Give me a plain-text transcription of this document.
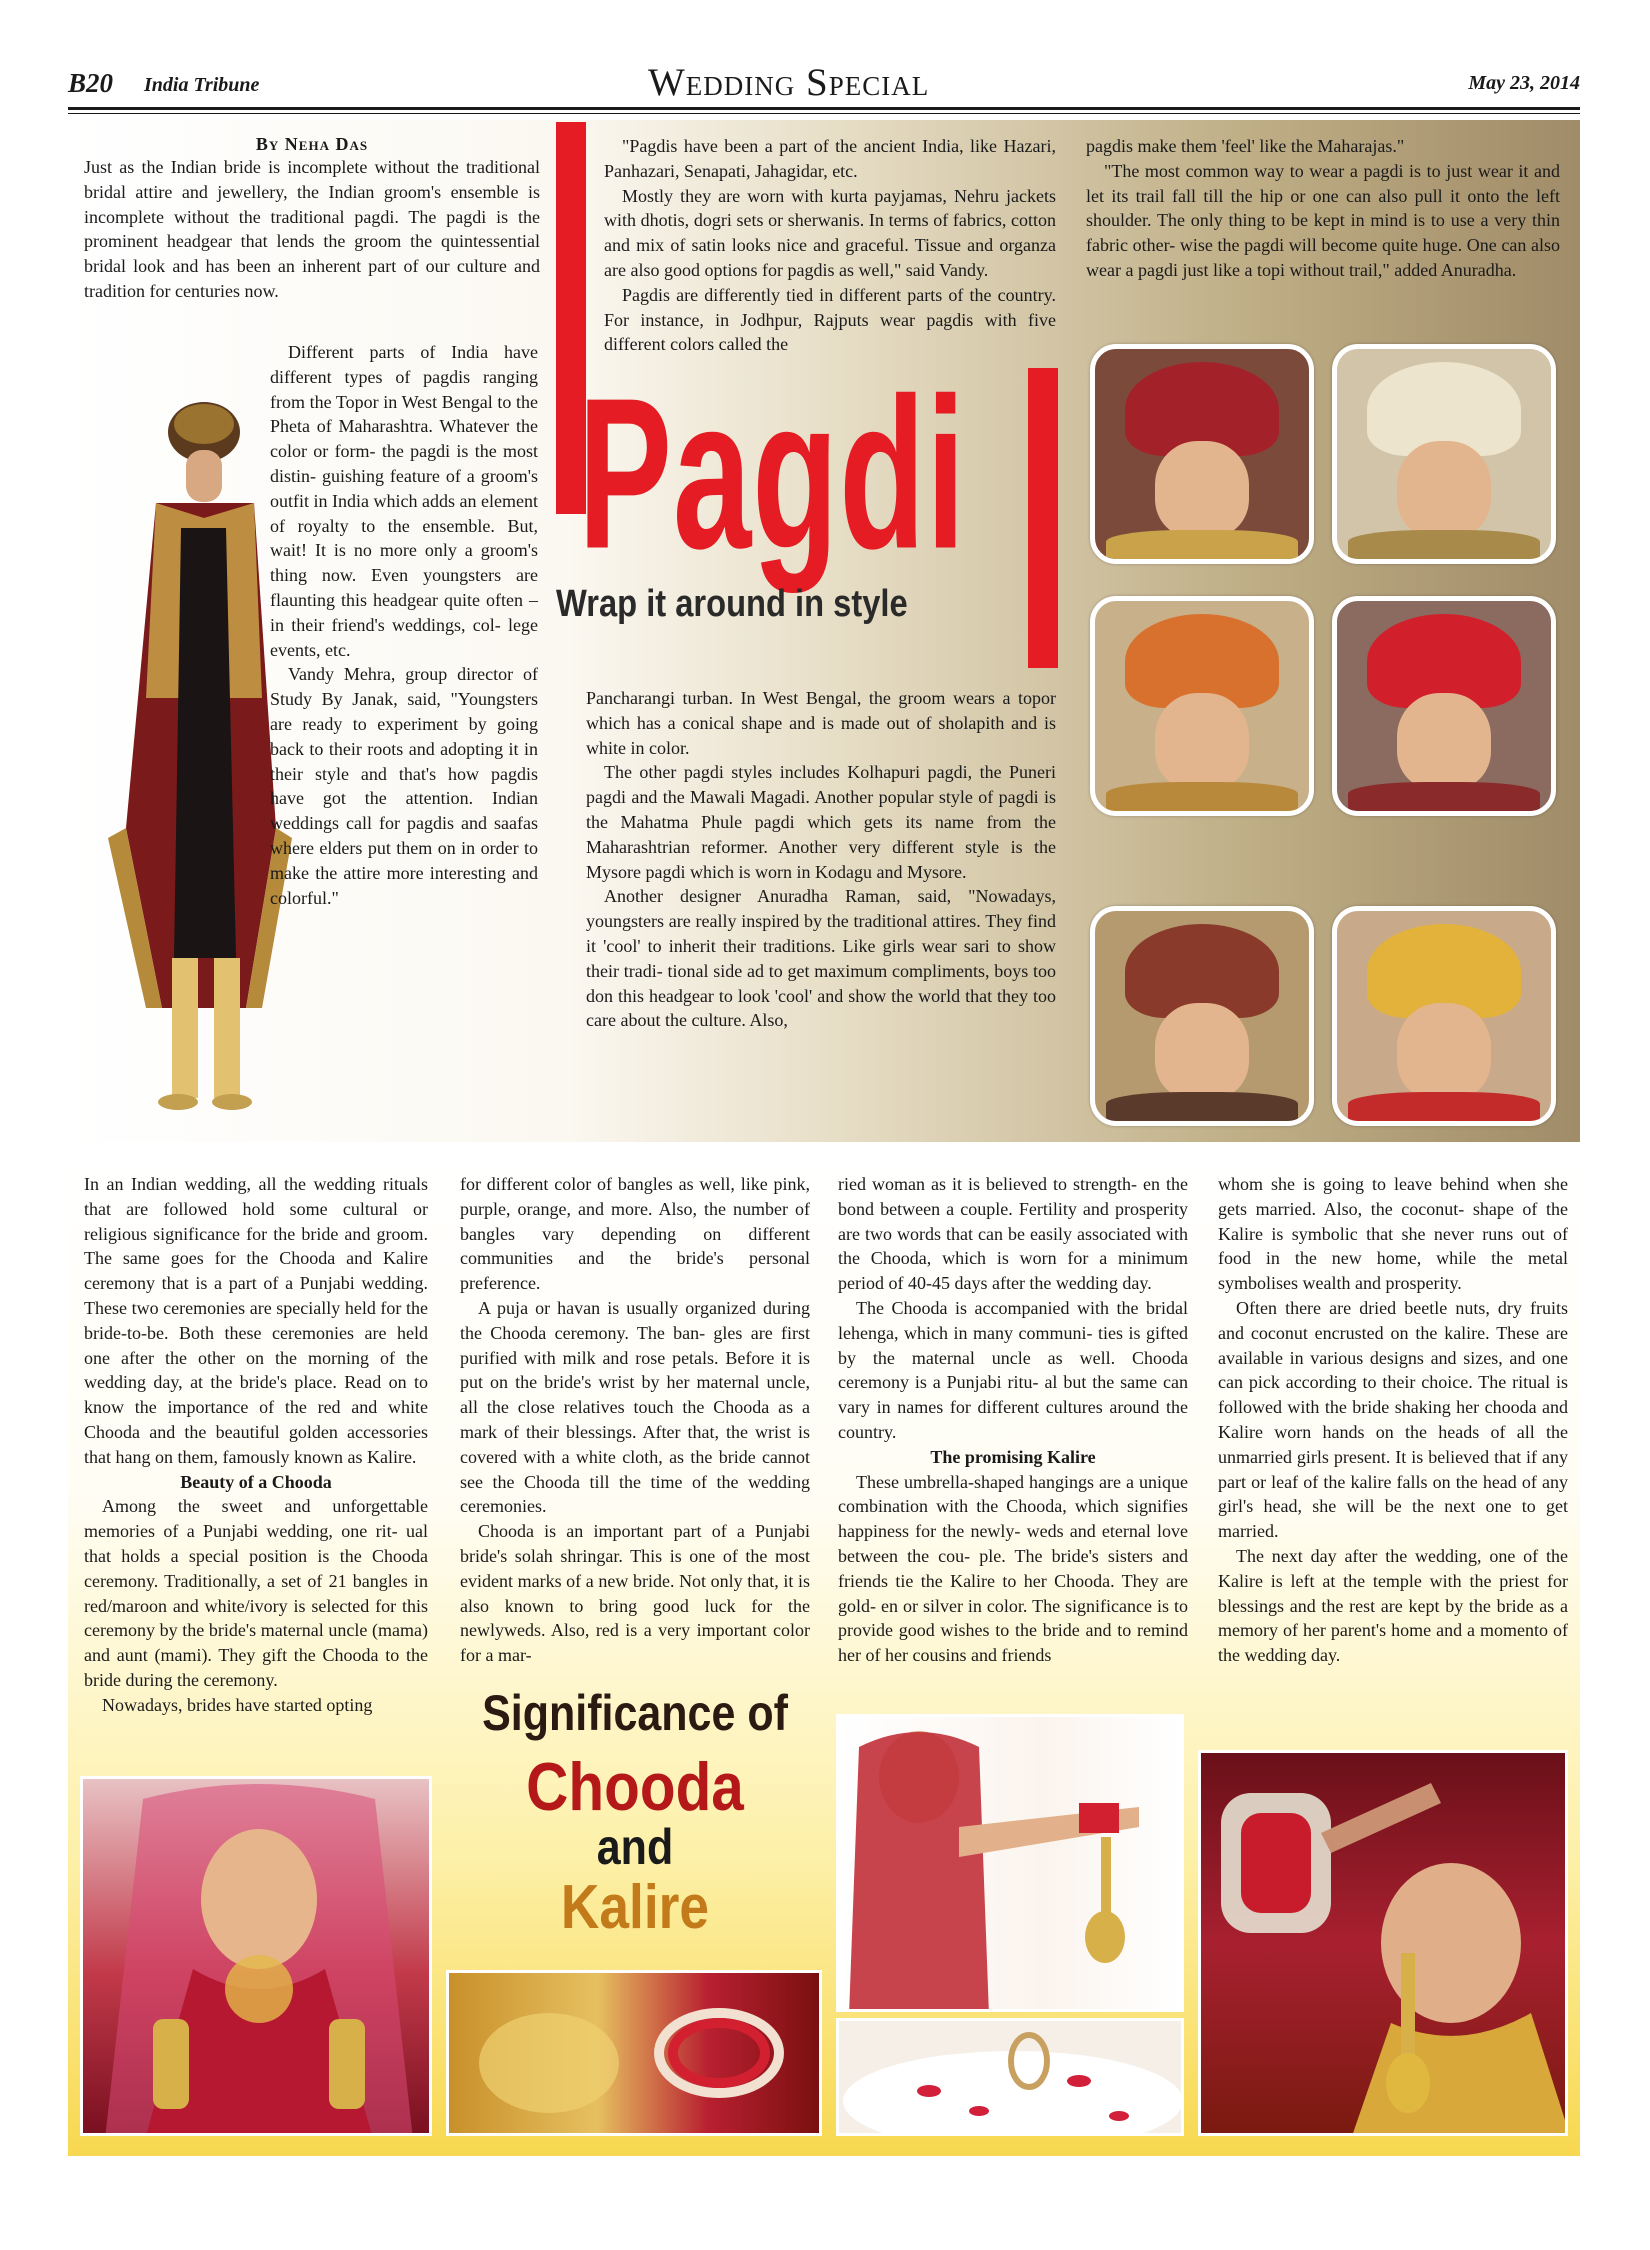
B20 India Tribune	Wedding Special	May 23, 2014
By Neha Das

Just as the Indian bride is incomplete without the traditional bridal attire and jewellery, the Indian groom's ensemble is incomplete without the traditional pagdi. The pagdi is the prominent headgear that lends the groom the quintessential bridal look and has been an inherent part of our culture and tradition for centuries now.

Different parts of India have different types of pagdis ranging from the Topor in West Bengal to the Pheta of Maharashtra. Whatever the color or form- the pagdi is the most distin- guishing feature of a groom's outfit in India which adds an element of royalty to the ensemble. But, wait! It is no more only a groom's thing now. Even youngsters are flaunting this headgear quite often – in their friend's weddings, col- lege events, etc.

Vandy Mehra, group director of Study By Janak, said, "Youngsters are ready to experiment by going back to their roots and adopting it in their style and that's how pagdis have got the attention. Indian weddings call for pagdis and saafas where elders put them on in order to make the attire more interesting and colorful."

Pagdi
Wrap it around in style

"Pagdis have been a part of the ancient India, like Hazari, Panhazari, Senapati, Jahagidar, etc.

Mostly they are worn with kurta payjamas, Nehru jackets with dhotis, dogri sets or sherwanis. In terms of fabrics, cotton and mix of satin looks nice and graceful. Tissue and organza are also good options for pagdis as well," said Vandy.

Pagdis are differently tied in different parts of the country. For instance, in Jodhpur, Rajputs wear pagdis with five different colors called the

Pancharangi turban. In West Bengal, the groom wears a topor which has a conical shape and is made out of sholapith and is white in color.

The other pagdi styles includes Kolhapuri pagdi, the Puneri pagdi and the Mawali Magadi. Another popular style of pagdi is the Mahatma Phule pagdi which gets its name from the Maharashtrian reformer. Another very different style is the Mysore pagdi which is worn in Kodagu and Mysore.

Another designer Anuradha Raman, said, "Nowadays, youngsters are really inspired by the traditional attires. They find it 'cool' to inherit their traditions. Like girls wear sari to show their tradi- tional side ad to get maximum compliments, boys too don this headgear to look 'cool' and show the world that they too care about the culture. Also,

pagdis make them 'feel' like the Maharajas."

"The most common way to wear a pagdi is to just wear it and let its trail fall till the hip or one can also pull it onto the left shoulder. The only thing to be kept in mind is to use a very thin fabric other- wise the pagdi will become quite huge. One can also wear a pagdi just like a topi without trail," added Anuradha.

In an Indian wedding, all the wedding rituals that are followed hold some cultural or religious significance for the bride and groom. The same goes for the Chooda and Kalire ceremony that is a part of a Punjabi wedding. These two ceremonies are specially held for the bride-to-be. Both these ceremonies are held one after the other on the morning of the wedding day, at the bride's place. Read on to know the importance of the red and white Chooda and the beautiful golden accessories that hang on them, famously known as Kalire.

Beauty of a Chooda

Among the sweet and unforgettable memories of a Punjabi wedding, one rit- ual that holds a special position is the Chooda ceremony. Traditionally, a set of 21 bangles in red/maroon and white/ivory is selected for this ceremony by the bride's maternal uncle (mama) and aunt (mami). They gift the Chooda to the bride during the ceremony.

Nowadays, brides have started opting

for different color of bangles as well, like pink, purple, orange, and more. Also, the number of bangles vary depending on different communities and the bride's personal preference.

A puja or havan is usually organized during the Chooda ceremony. The ban- gles are first purified with milk and rose petals. Before it is put on the bride's wrist by her maternal uncle, all the close relatives touch the Chooda as a mark of their blessings. After that, the wrist is covered with a white cloth, as the bride cannot see the Chooda till the time of the wedding ceremonies.

Chooda is an important part of a Punjabi bride's solah shringar. This is one of the most evident marks of a new bride. Not only that, it is also known to bring good luck for the newlyweds. Also, red is a very important color for a mar-

ried woman as it is believed to strength- en the bond between a couple. Fertility and prosperity are two words that can be easily associated with the Chooda, which is worn for a minimum period of 40-45 days after the wedding day.

The Chooda is accompanied with the bridal lehenga, which in many communi- ties is gifted by the maternal uncle as well. Chooda ceremony is a Punjabi ritu- al but the same can vary in names for different cultures around the country.

The promising Kalire

These umbrella-shaped hangings are a unique combination with the Chooda, which signifies happiness for the newly- weds and eternal love between the cou- ple. The bride's sisters and friends tie the Kalire to her Chooda. They are gold- en or silver in color. The significance is to provide good wishes to the bride and to remind her of her cousins and friends

whom she is going to leave behind when she gets married. Also, the coconut- shape of the Kalire is symbolic that she never runs out of food in the new home, while the metal symbolises wealth and prosperity.

Often there are dried beetle nuts, dry fruits and coconut encrusted on the kalire. These are available in various designs and sizes, and one can pick according to their choice. The ritual is followed with the bride shaking her chooda and Kalire worn hands on the heads of all the unmarried girls present. It is believed that if any part or leaf of the kalire falls on the head of any girl's head, she will be the next one to get married.

The next day after the wedding, one of the Kalire is left at the temple with the priest for blessings and the rest are kept by the bride as a memory of her parent's home and a momento of the wedding day.

Significance of
Chooda
and
Kalire
